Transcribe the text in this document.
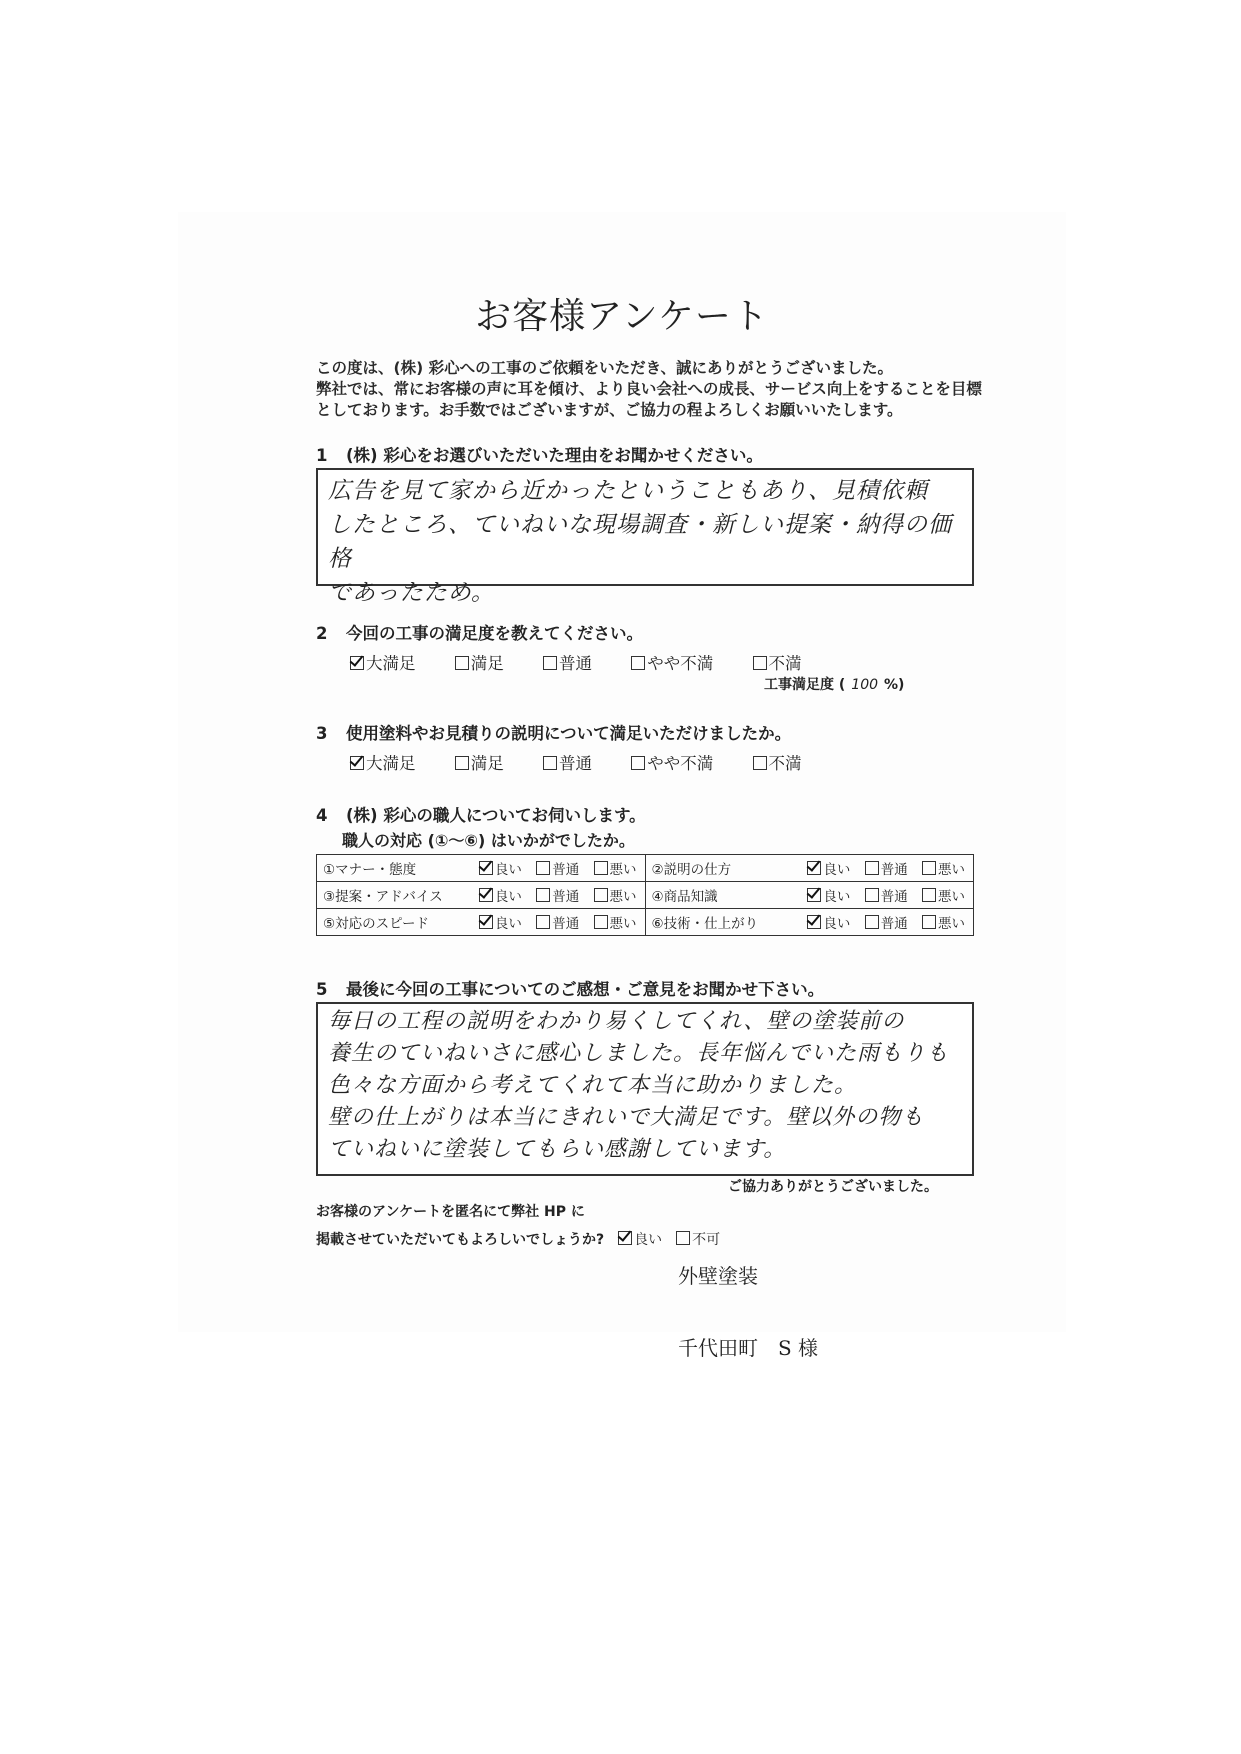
お客様アンケート
この度は、(株) 彩心への工事のご依頼をいただき、誠にありがとうございました。
弊社では、常にお客様の声に耳を傾け、より良い会社への成長、サービス向上をすることを目標
としております。お手数ではございますが、ご協力の程よろしくお願いいたします。
1 (株) 彩心をお選びいただいた理由をお聞かせください。
広告を見て家から近かったということもあり、見積依頼
したところ、ていねいな現場調査・新しい提案・納得の価格
であったため。
2 今回の工事の満足度を教えてください。
大満足	満足	普通	やや不満	不満
工事満足度 ( 100 %)
3 使用塗料やお見積りの説明について満足いただけましたか。
大満足	満足	普通	やや不満	不満
4 (株) 彩心の職人についてお伺いします。
職人の対応 (①〜⑥) はいかがでしたか。
①マナー・態度	良い 普通 悪い	②説明の仕方	良い 普通 悪い
③提案・アドバイス	良い 普通 悪い	④商品知識	良い 普通 悪い
⑤対応のスピード	良い 普通 悪い	⑥技術・仕上がり	良い 普通 悪い
5 最後に今回の工事についてのご感想・ご意見をお聞かせ下さい。
毎日の工程の説明をわかり易くしてくれ、壁の塗装前の
養生のていねいさに感心しました。長年悩んでいた雨もりも
色々な方面から考えてくれて本当に助かりました。
壁の仕上がりは本当にきれいで大満足です。壁以外の物も
ていねいに塗装してもらい感謝しています。
ご協力ありがとうございました。
お客様のアンケートを匿名にて弊社 HP に
掲載させていただいてもよろしいでしょうか? 良い 不可
外壁塗装
千代田町　S 様
